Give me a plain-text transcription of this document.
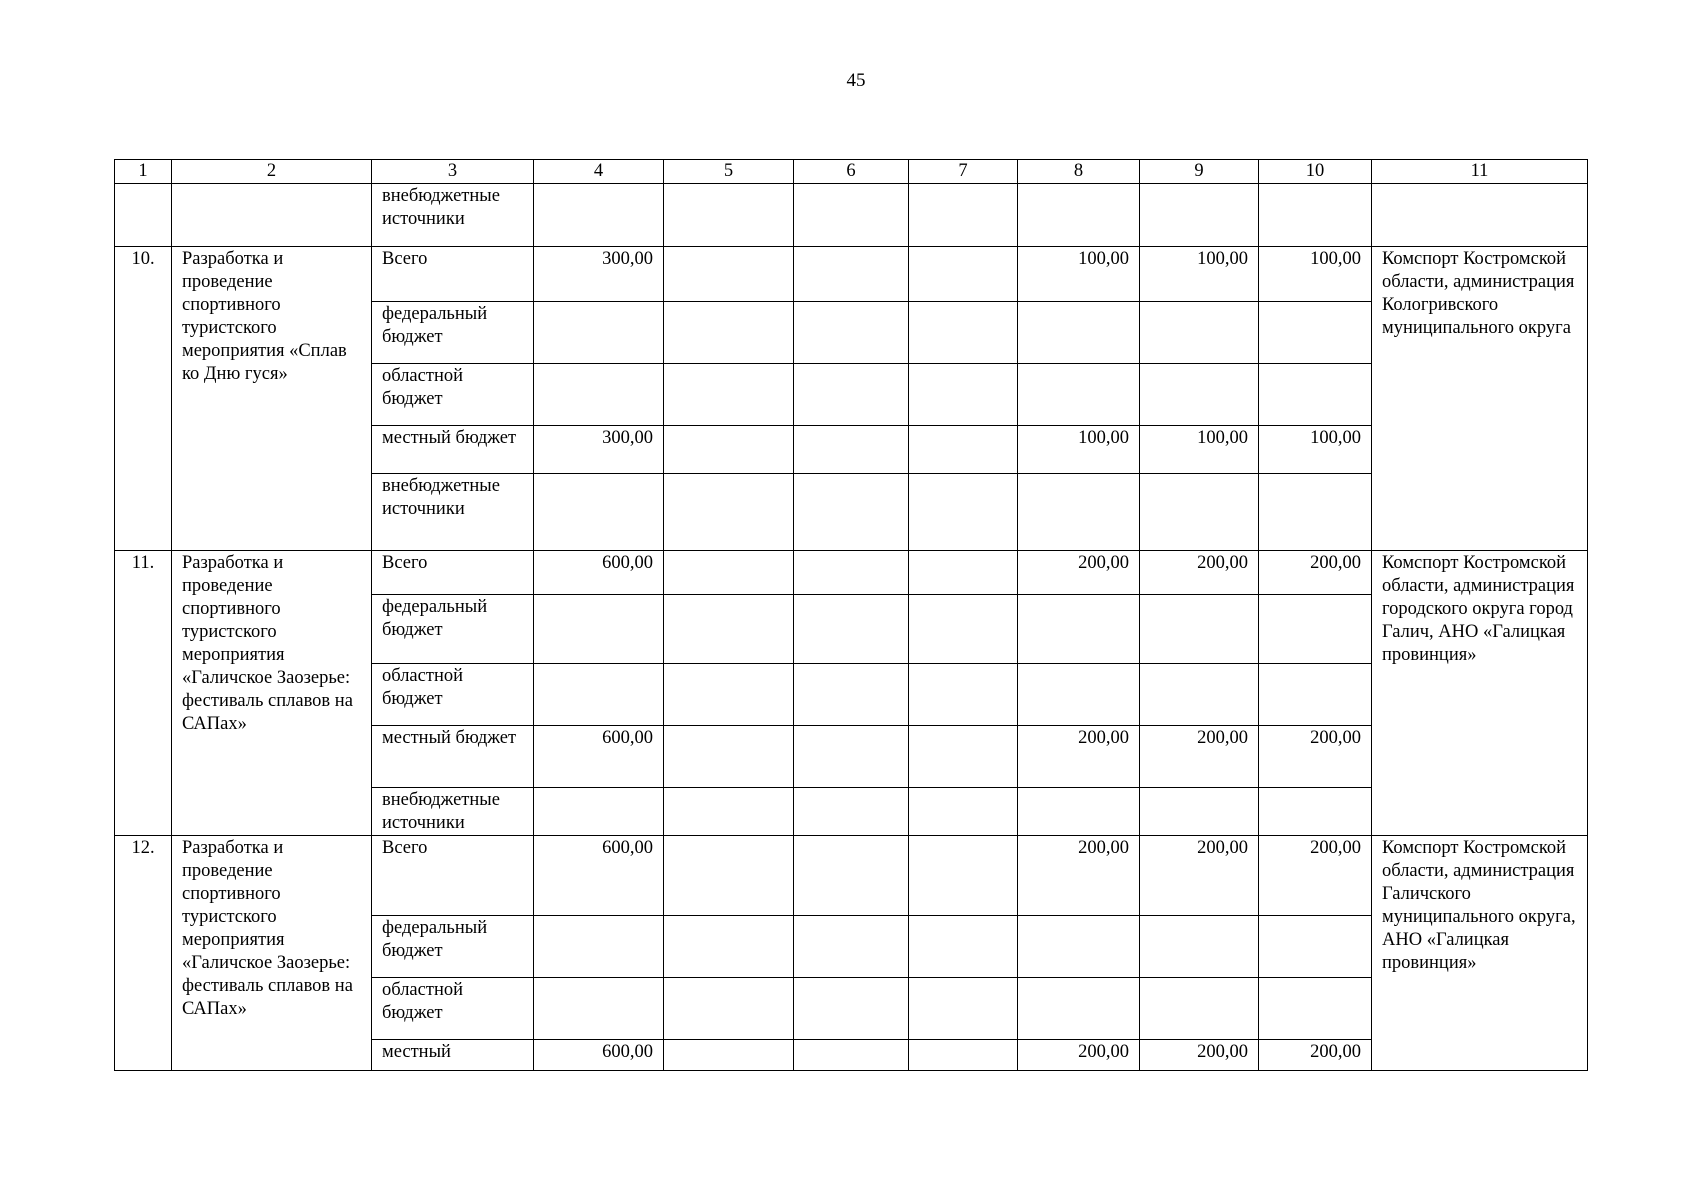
45
1	2	3	4	5	6	7	8	9	10	11
		внебюджетные источники								
10.	Разработка и проведение спортивного туристского мероприятия «Сплав ко Дню гуся»	Всего	300,00				100,00	100,00	100,00	Комспорт Костромской области, администрация Кологривского муниципального округа
		федеральный бюджет								
		областной бюджет								
		местный бюджет	300,00				100,00	100,00	100,00	
		внебюджетные источники								
11.	Разработка и проведение спортивного туристского мероприятия «Галичское Заозерье: фестиваль сплавов на САПах»	Всего	600,00				200,00	200,00	200,00	Комспорт Костромской области, администрация городского округа город Галич, АНО «Галицкая провинция»
		федеральный бюджет								
		областной бюджет								
		местный бюджет	600,00				200,00	200,00	200,00	
		внебюджетные источники								
12.	Разработка и проведение спортивного туристского мероприятия «Галичское Заозерье: фестиваль сплавов на САПах»	Всего	600,00				200,00	200,00	200,00	Комспорт Костромской области, администрация Галичского муниципального округа, АНО «Галицкая провинция»
		федеральный бюджет								
		областной бюджет								
		местный	600,00				200,00	200,00	200,00	
